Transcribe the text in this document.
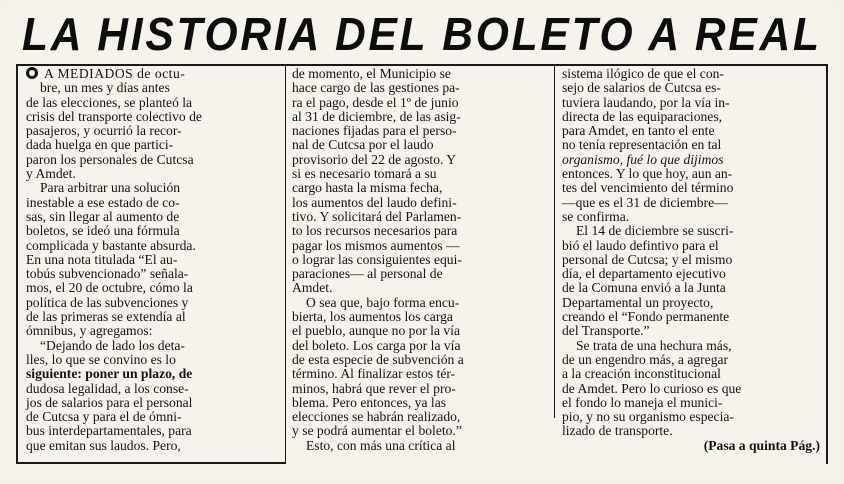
LA HISTORIA DEL BOLETO A REAL
A MEDIADOS de octu-
bre, un mes y días antes
de las elecciones, se planteó la
crisis del transporte colectivo de
pasajeros, y ocurrió la recor-
dada huelga en que partici-
paron los personales de Cutcsa
y Amdet.
Para arbitrar una solución
inestable a ese estado de co-
sas, sin llegar al aumento de
boletos, se ideó una fórmula
complicada y bastante absurda.
En una nota titulada “El au-
tobús subvencionado” señala-
mos, el 20 de octubre, cómo la
política de las subvenciones y
de las primeras se extendía al
ómnibus, y agregamos:
“Dejando de lado los deta-
lles, lo que se convino es lo
siguiente: poner un plazo, de
dudosa legalidad, a los conse-
jos de salarios para el personal
de Cutcsa y para el de ómni-
bus interdepartamentales, para
que emitan sus laudos. Pero,
de momento, el Municipio se
hace cargo de las gestiones pa-
ra el pago, desde el 1º de junio
al 31 de diciembre, de las asig-
naciones fijadas para el perso-
nal de Cutcsa por el laudo
provisorio del 22 de agosto. Y
si es necesario tomará a su
cargo hasta la misma fecha,
los aumentos del laudo defini-
tivo. Y solicitará del Parlamen-
to los recursos necesarios para
pagar los mismos aumentos —
o lograr las consiguientes equi-
paraciones— al personal de
Amdet.
O sea que, bajo forma encu-
bierta, los aumentos los carga
el pueblo, aunque no por la vía
del boleto. Los carga por la vía
de esta especie de subvención a
término. Al finalizar estos tér-
minos, habrá que rever el pro-
blema. Pero entonces, ya las
elecciones se habrán realizado,
y se podrá aumentar el boleto.”
Esto, con más una crítica al
sistema ilógico de que el con-
sejo de salarios de Cutcsa es-
tuviera laudando, por la vía in-
directa de las equiparaciones,
para Amdet, en tanto el ente
no tenía representación en tal
organismo, fué lo que dijimos
entonces. Y lo que hoy, aun an-
tes del vencimiento del término
—que es el 31 de diciembre—
se confirma.
El 14 de diciembre se suscri-
bió el laudo defintivo para el
personal de Cutcsa; y el mismo
día, el departamento ejecutivo
de la Comuna envió a la Junta
Departamental un proyecto,
creando el “Fondo permanente
del Transporte.”
Se trata de una hechura más,
de un engendro más, a agregar
a la creación inconstitucional
de Amdet. Pero lo curioso es que
el fondo lo maneja el munici-
pio, y no su organismo especia-
lizado de transporte.
(Pasa a quinta Pág.)
